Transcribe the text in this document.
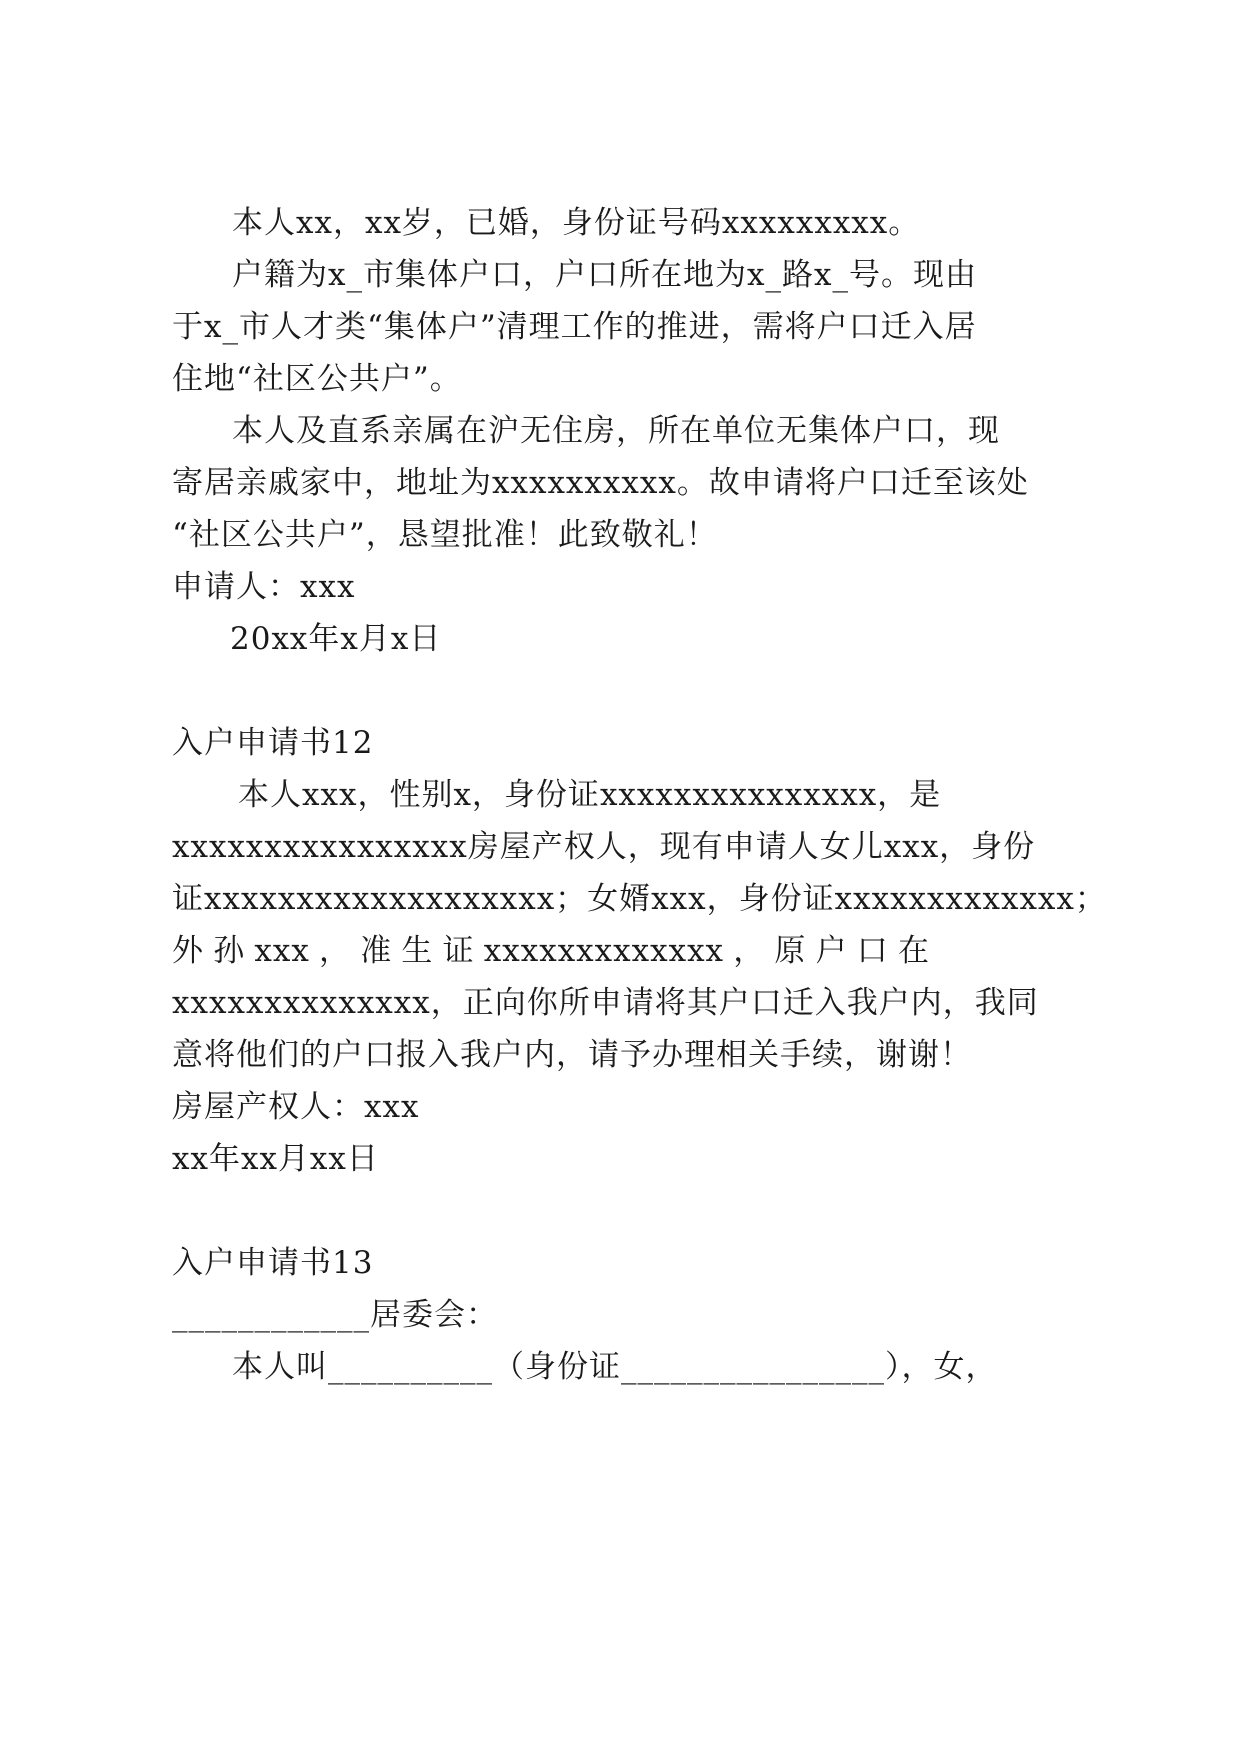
本人xx，xx岁，已婚，身份证号码xxxxxxxxx。
户籍为x_市集体户口，户口所在地为x_路x_号。现由
于x_市人才类“集体户”清理工作的推进，需将户口迁入居
住地“社区公共户”。
本人及直系亲属在沪无住房，所在单位无集体户口，现
寄居亲戚家中，地址为xxxxxxxxxx。故申请将户口迁至该处
“社区公共户”，恳望批准！此致敬礼！
申请人：xxx
20xx年x月x日
入户申请书12
本人xxx， 性别x， 身份证 xxxxxxxxxxxxxxx， 是
xxxxxxxxxxxxxxxx房屋产权人，现有申请人女儿xxx，身份
证xxxxxxxxxxxxxxxxxxx；女婿xxx，身份证xxxxxxxxxxxxx；
外 孙 xxx ， 准 生 证 xxxxxxxxxxxxx ， 原 户 口 在
xxxxxxxxxxxxxx，正向你所申请将其户口迁入我户内，我同
意将他们的户口报入我户内，请予办理相关手续，谢谢！
房屋产权人：xxx
xx年xx月xx日
入户申请书13
____________居委会：
本人叫__________（身份证________________），女，
